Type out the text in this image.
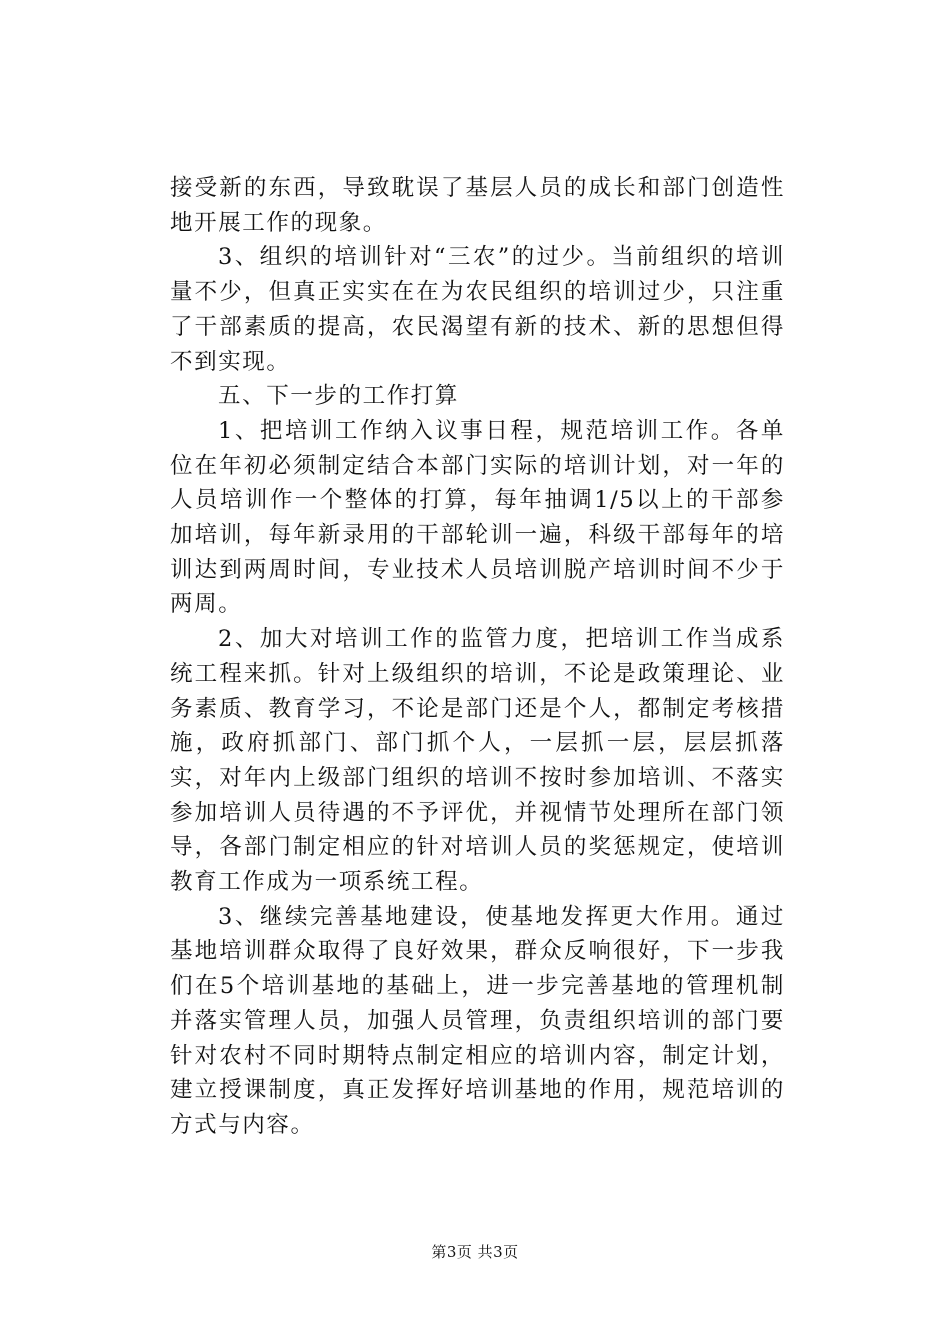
接受新的东西，导致耽误了基层人员的成长和部门创造性地开展工作的现象。

3、组织的培训针对“三农”的过少。当前组织的培训量不少，但真正实实在在为农民组织的培训过少，只注重了干部素质的提高，农民渴望有新的技术、新的思想但得不到实现。

五、下一步的工作打算

1、把培训工作纳入议事日程，规范培训工作。各单位在年初必须制定结合本部门实际的培训计划，对一年的人员培训作一个整体的打算，每年抽调1/5以上的干部参加培训，每年新录用的干部轮训一遍，科级干部每年的培训达到两周时间，专业技术人员培训脱产培训时间不少于两周。

2、加大对培训工作的监管力度，把培训工作当成系统工程来抓。针对上级组织的培训，不论是政策理论、业务素质、教育学习，不论是部门还是个人，都制定考核措施，政府抓部门、部门抓个人，一层抓一层，层层抓落实，对年内上级部门组织的培训不按时参加培训、不落实参加培训人员待遇的不予评优，并视情节处理所在部门领导，各部门制定相应的针对培训人员的奖惩规定，使培训教育工作成为一项系统工程。

3、继续完善基地建设，使基地发挥更大作用。通过基地培训群众取得了良好效果，群众反响很好，下一步我们在5个培训基地的基础上，进一步完善基地的管理机制并落实管理人员，加强人员管理，负责组织培训的部门要针对农村不同时期特点制定相应的培训内容，制定计划，建立授课制度，真正发挥好培训基地的作用，规范培训的方式与内容。

第3页 共3页
